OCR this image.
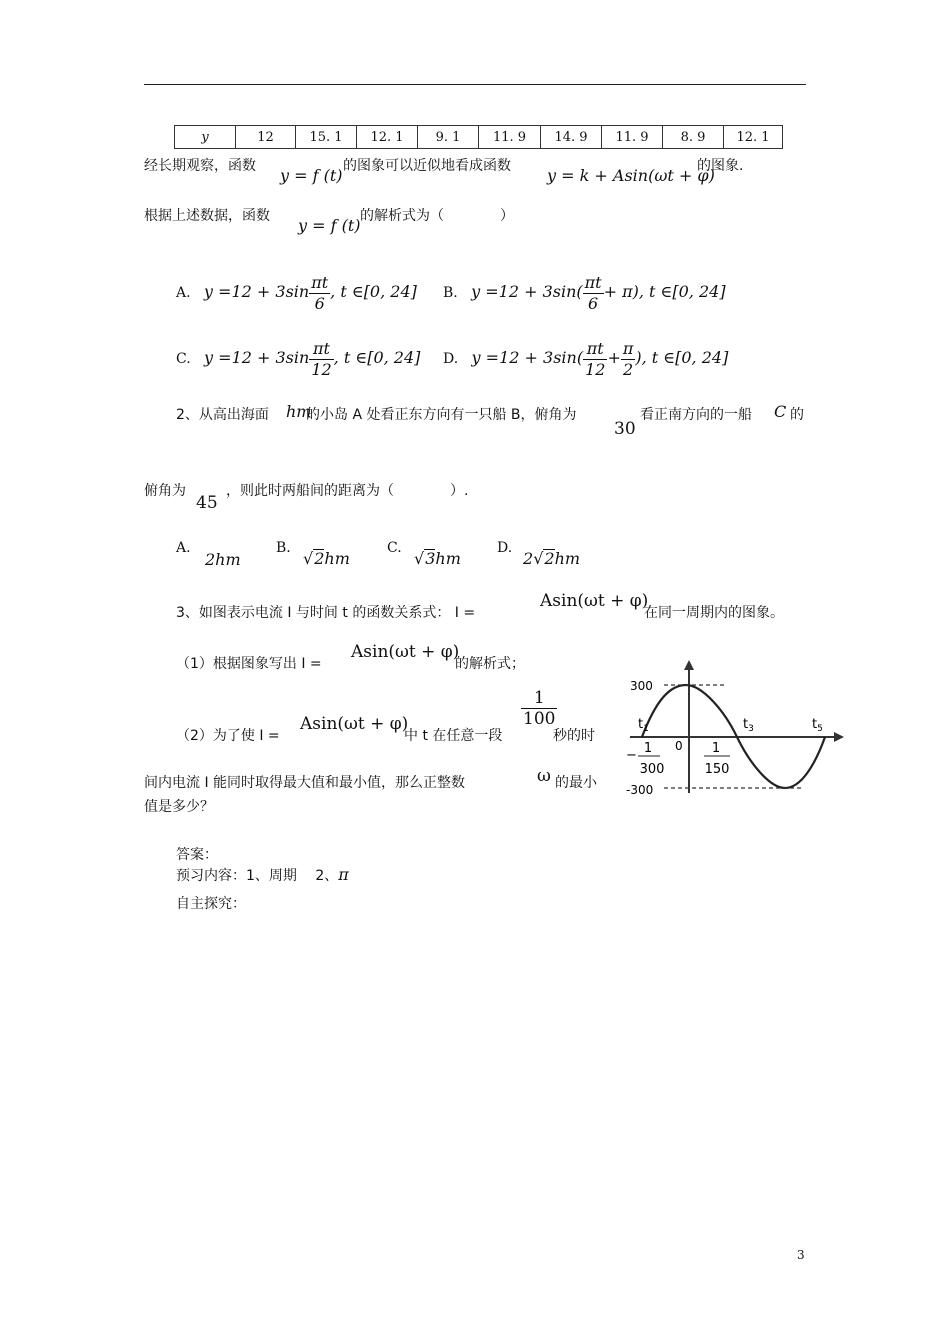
y	12	15. 1	12. 1	9. 1	11. 9	14. 9	11. 9	8. 9	12. 1
经长期观察，函数 y = f (t) 的图象可以近似地看成函数 y = k + Asin(ωt + φ)
的图象.
根据上述数据，函数 y = f (t) 的解析式为（　　　　）
A. $y =12 + 3\sin \frac{\pi t}{6}$ , t ∈[0, 24] B. $y =12 + 3\sin( \frac{\pi t}{6} + \pi)$, t ∈[0, 24]
C. $y =12 + 3\sin \frac{\pi t}{12}$ , t ∈[0, 24] D. $y =12 + 3\sin( \frac{\pi t}{12} + \frac{\pi}{2}$ ), t ∈[0, 24]
2、从高出海面 hm
的小岛 A 处看正东方向有一只船 B，俯角为
30
看正南方向的一船 C 的
俯角为
45
，则此时两船间的距离为（　　　　）.
A.
2hm
B.
√2hm
C.
√3hm
D.
2√2hm
3、如图表示电流 I 与时间 t 的函数关系式： I =
Asin(ωt + φ)
在同一周期内的图象。
（1）根据图象写出 I =
Asin(ωt + φ)
的解析式；
（2）为了使 I =
Asin(ωt + φ)
中 t 在任意一段
$\frac{1}{100}$
秒的时
间内电流 I 能同时取得最大值和最小值，那么正整数	ω 的最小
值是多少？
300
-300
0
$t_1$	$t_3$	$t_5$
− 1
300
1
150
答案：
预习内容：1、周期　 2、π
自主探究：
3
